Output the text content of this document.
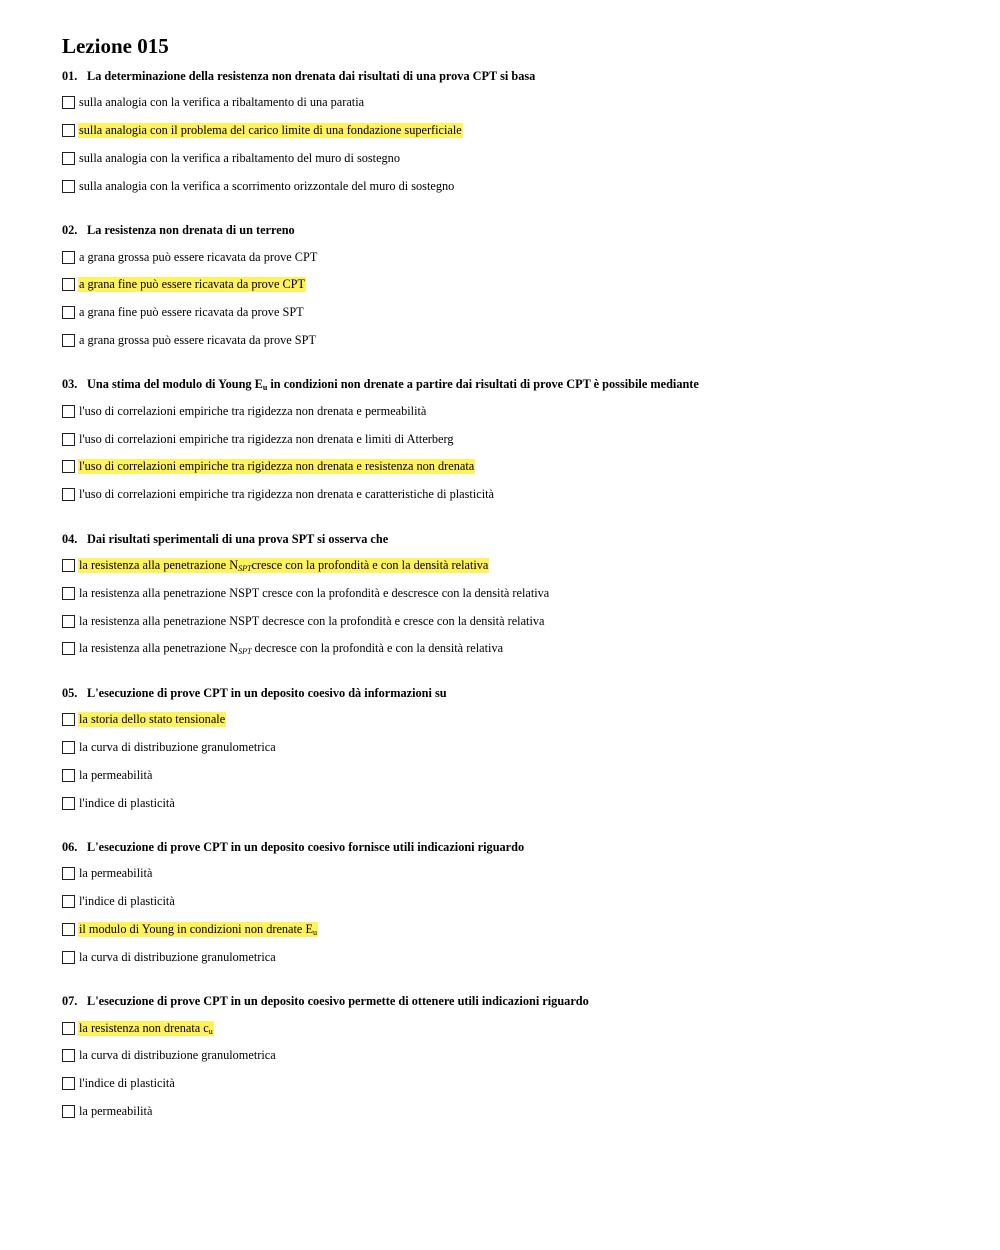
Lezione 015
01. La determinazione della resistenza non drenata dai risultati di una prova CPT si basa
sulla analogia con la verifica a ribaltamento di una paratia
sulla analogia con il problema del carico limite di una fondazione superficiale
sulla analogia con la verifica a ribaltamento del muro di sostegno
sulla analogia con la verifica a scorrimento orizzontale del muro di sostegno
02. La resistenza non drenata di un terreno
a grana grossa può essere ricavata da prove CPT
a grana fine può essere ricavata da prove CPT
a grana fine può essere ricavata da prove SPT
a grana grossa può essere ricavata da prove SPT
03. Una stima del modulo di Young $E_u$ in condizioni non drenate a partire dai risultati di prove CPT è possibile mediante
l'uso di correlazioni empiriche tra rigidezza non drenata e permeabilità
l'uso di correlazioni empiriche tra rigidezza non drenata e limiti di Atterberg
l'uso di correlazioni empiriche tra rigidezza non drenata e resistenza non drenata
l'uso di correlazioni empiriche tra rigidezza non drenata e caratteristiche di plasticità
04. Dai risultati sperimentali di una prova SPT si osserva che
la resistenza alla penetrazione $N_{SPT}cresce$ con la profondità e con la densità relativa
la resistenza alla penetrazione NSPT cresce con la profondità e descresce con la densità relativa
la resistenza alla penetrazione NSPT decresce con la profondità e cresce con la densità relativa
la resistenza alla penetrazione $N_{SPT}$ decresce con la profondità e con la densità relativa
05. L'esecuzione di prove CPT in un deposito coesivo dà informazioni su
la storia dello stato tensionale
la curva di distribuzione granulometrica
la permeabilità
l'indice di plasticità
06. L'esecuzione di prove CPT in un deposito coesivo fornisce utili indicazioni riguardo
la permeabilità
l'indice di plasticità
il modulo di Young in condizioni non drenate $E_u$
la curva di distribuzione granulometrica
07. L'esecuzione di prove CPT in un deposito coesivo permette di ottenere utili indicazioni riguardo
la resistenza non drenata $c_u$
la curva di distribuzione granulometrica
l'indice di plasticità
la permeabilità
